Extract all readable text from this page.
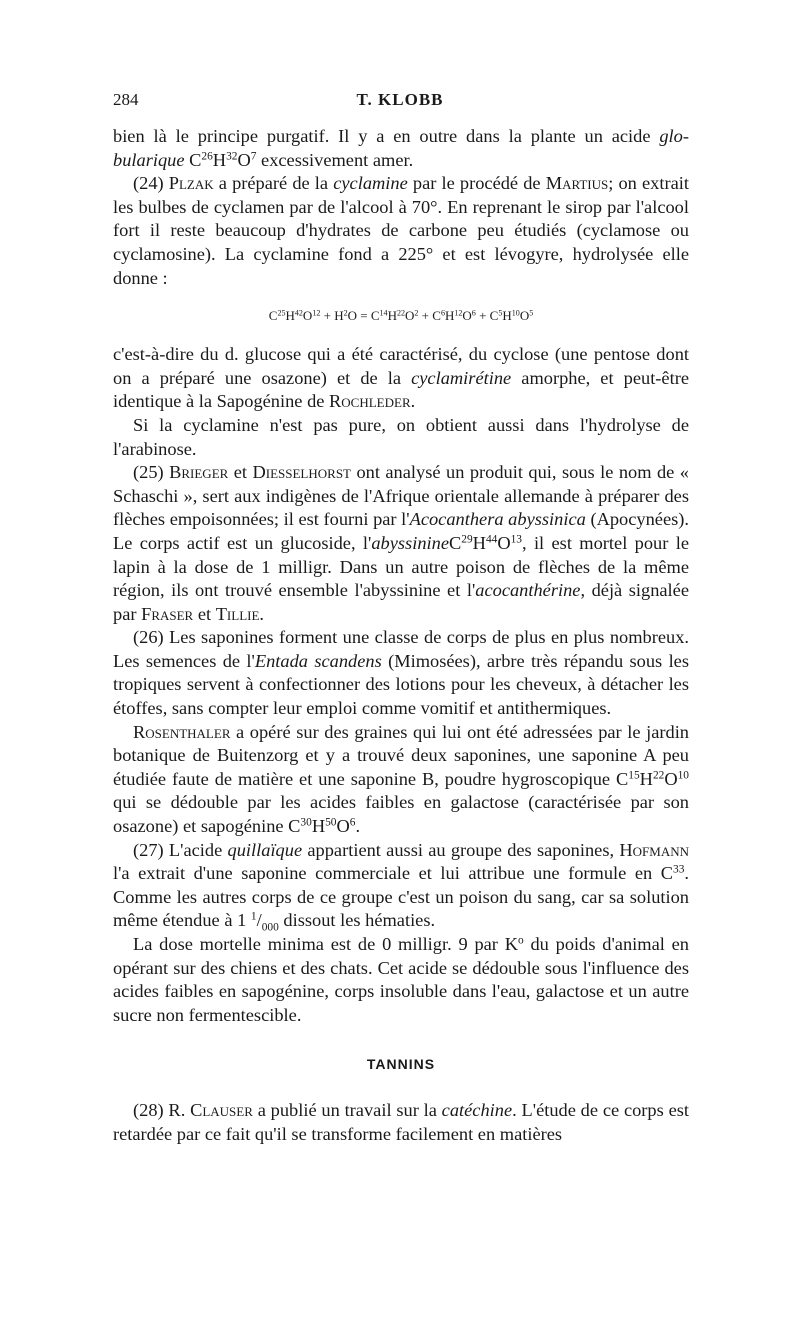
284	T. KLOBB

bien là le principe purgatif. Il y a en outre dans la plante un acide globularique $C^{26}H^{32}O^7$ excessivement amer.

(24) Plzak a préparé de la cyclamine par le procédé de Martius; on extrait les bulbes de cyclamen par de l'alcool à 70°. En reprenant le sirop par l'alcool fort il reste beaucoup d'hydrates de carbone peu étudiés (cyclamose ou cyclamosine). La cyclamine fond a 225° et est lévogyre, hydrolysée elle donne :

$C^{25}H^{42}O^{12} + H^2O = C^{14}H^{22}O^2 + C^6H^{12}O^6 + C^5H^{10}O^5$

c'est-à-dire du d. glucose qui a été caractérisé, du cyclose (une pentose dont on a préparé une osazone) et de la cyclamirétine amorphe, et peut-être identique à la Sapogénine de Rochleder.

Si la cyclamine n'est pas pure, on obtient aussi dans l'hydrolyse de l'arabinose.

(25) Brieger et Diesselhorst ont analysé un produit qui, sous le nom de « Schaschi », sert aux indigènes de l'Afrique orientale allemande à préparer des flèches empoisonnées; il est fourni par l'Acocanthera abyssinica (Apocynées). Le corps actif est un glucoside, $l'abyssinineC^{29}H^{44}O^{13}$, il est mortel pour le lapin à la dose de 1 milligr. Dans un autre poison de flèches de la même région, ils ont trouvé ensemble l'abyssinine et l'acocanthérine, déjà signalée par Fraser et Tillie.

(26) Les saponines forment une classe de corps de plus en plus nombreux. Les semences de l'Entada scandens (Mimosées), arbre très répandu sous les tropiques servent à confectionner des lotions pour les cheveux, à détacher les étoffes, sans compter leur emploi comme vomitif et antithermiques.

Rosenthaler a opéré sur des graines qui lui ont été adressées par le jardin botanique de Buitenzorg et y a trouvé deux saponines, une saponine A peu étudiée faute de matière et une saponine B, poudre hygroscopique $C^{15}H^{22}O^{10}$ qui se dédouble par les acides faibles en galactose (caractérisée par son osazone) et sapogénine $C^{30}H^{50}O^6$.

(27) L'acide quillaïque appartient aussi au groupe des saponines, Hofmann l'a extrait d'une saponine commerciale et lui attribue une formule en $C^{33}$. Comme les autres corps de ce groupe c'est un poison du sang, car sa solution même étendue à 1 $^1/_{000}$ dissout les hématies.

La dose mortelle minima est de 0 milligr. 9 par $K^o$ du poids d'animal en opérant sur des chiens et des chats. Cet acide se dédouble sous l'influence des acides faibles en sapogénine, corps insoluble dans l'eau, galactose et un autre sucre non fermentescible.

TANNINS

(28) R. Clauser a publié un travail sur la catéchine. L'étude de ce corps est retardée par ce fait qu'il se transforme facilement en matières
